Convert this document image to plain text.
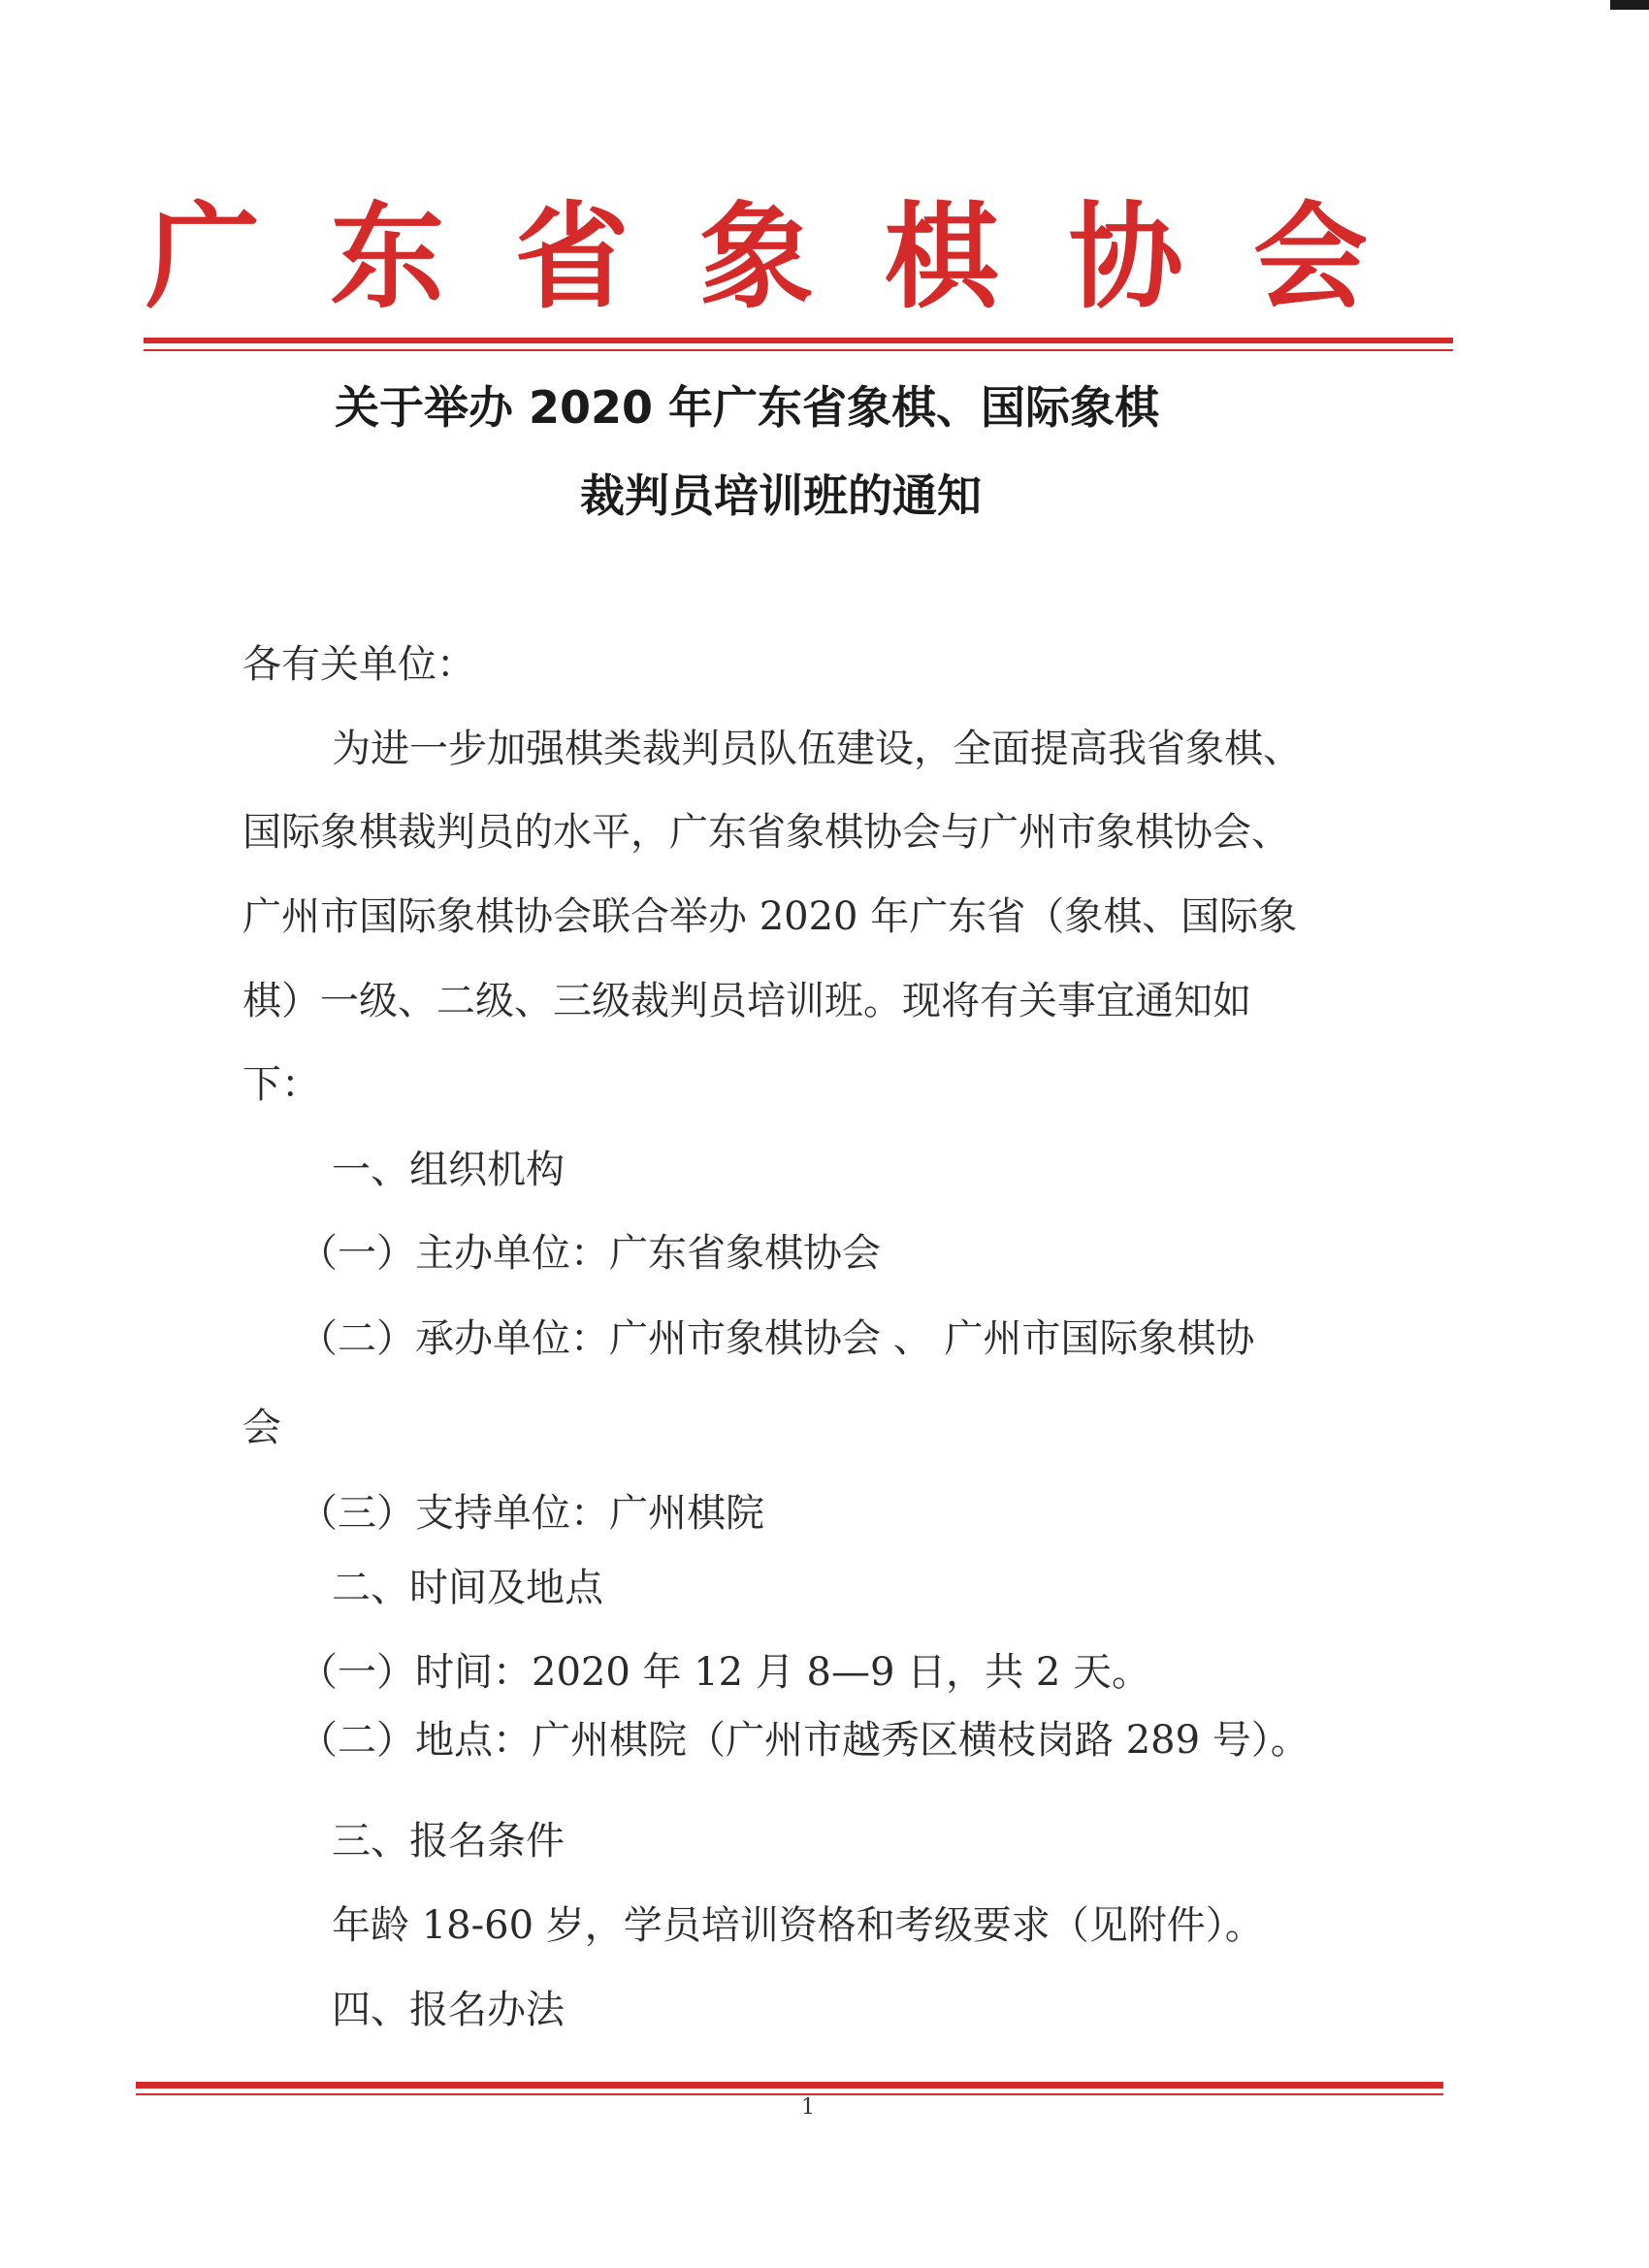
广 东 省 象 棋 协 会
关于举办 2020 年广东省象棋、国际象棋
裁判员培训班的通知
各有关单位：
为进一步加强棋类裁判员队伍建设，全面提高我省象棋、
国际象棋裁判员的水平，广东省象棋协会与广州市象棋协会、
广州市国际象棋协会联合举办 2020 年广东省（象棋、国际象
棋）一级、二级、三级裁判员培训班。现将有关事宜通知如
下：
一、组织机构
（一）主办单位：广东省象棋协会
（二）承办单位：广州市象棋协会 、 广州市国际象棋协
会
（三）支持单位：广州棋院
二、时间及地点
（一）时间：2020 年 12 月 8—9 日，共 2 天。
（二）地点：广州棋院（广州市越秀区横枝岗路 289 号）。
三、报名条件
年龄 18-60 岁，学员培训资格和考级要求（见附件）。
四、报名办法
1
